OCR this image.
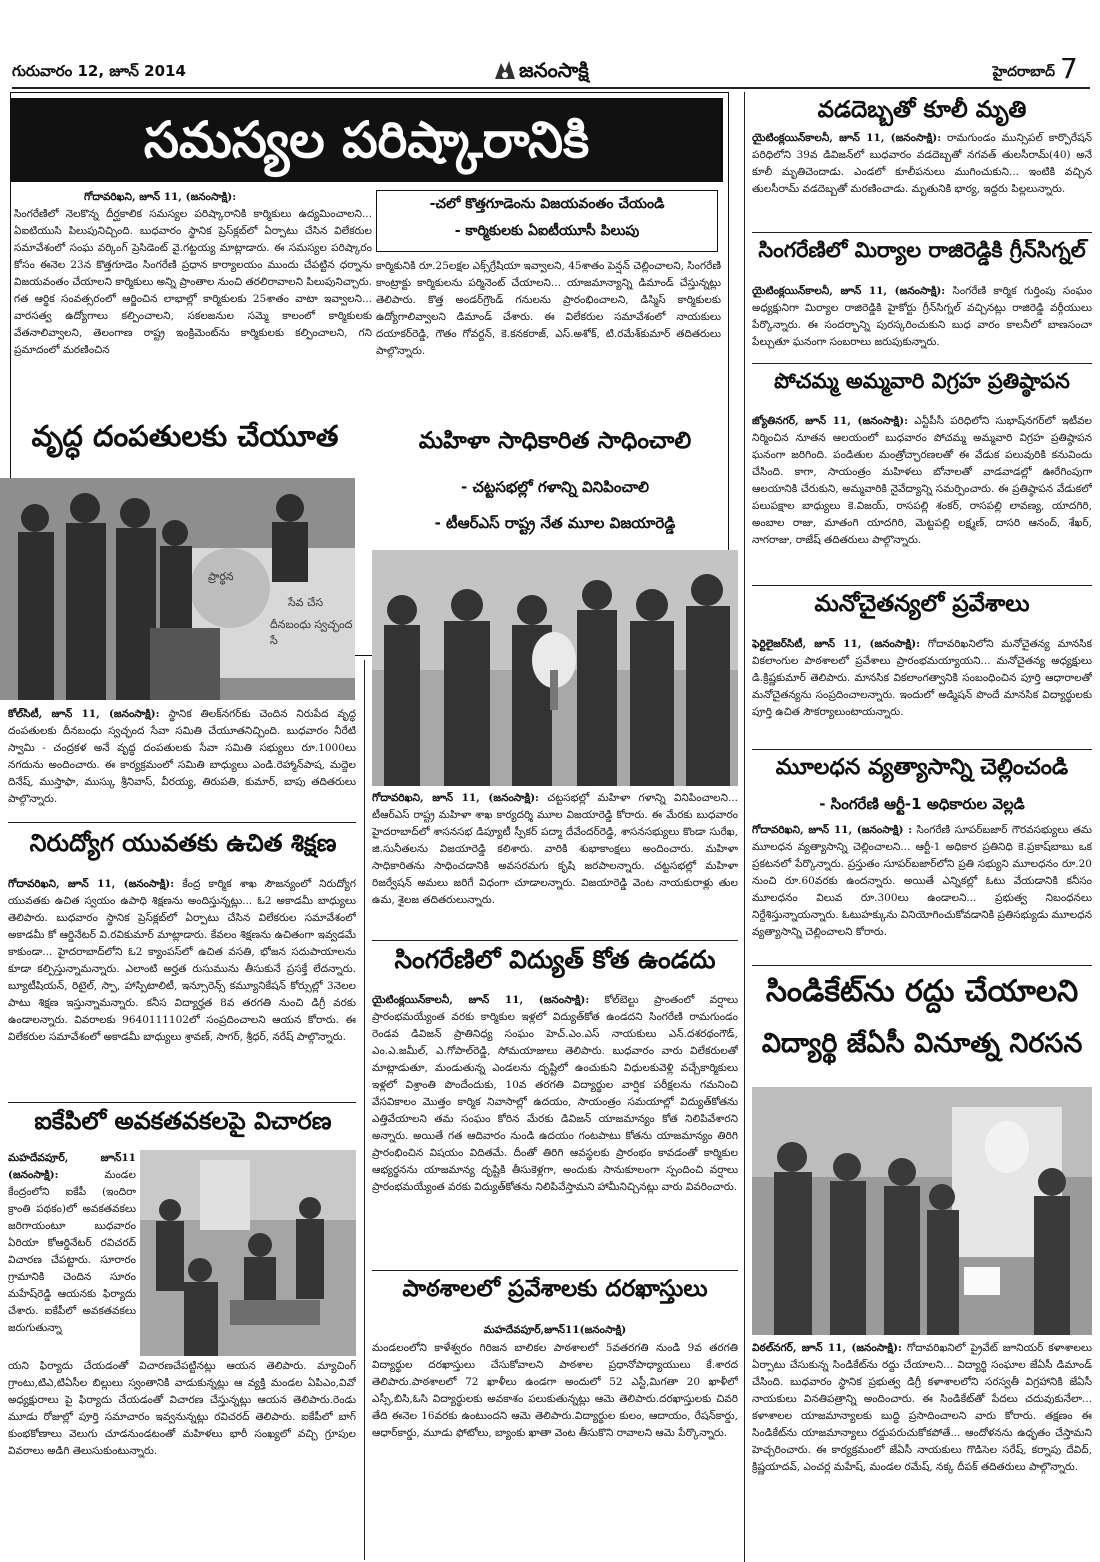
గురువారం 12, జూన్ 2014	జనంసాక్షి	హైదరాబాద్ 7
సమస్యల పరిష్కారానికి
గోదావరిఖని, జూన్ 11, (జనంసాక్షి):
సింగరేణిలో నెలకొన్న దీర్ఘకాలిక సమస్యల పరిష్కారానికి కార్మికులు ఉద్యమించాలని... ఏఐటియుసి పిలుపునిచ్చింది. బుధవారం స్థానిక ప్రెస్‌క్లబ్‌లో ఏర్పాటు చేసిన విలేకరుల సమావేశంలో సంఘ వర్కింగ్ ప్రెసిడెంట్ వై.గట్టయ్య మాట్లాడారు. ఈ సమస్యల పరిష్కారం కోసం ఈనెల 23న కొత్తగూడెం సింగరేణి ప్రధాన కార్యాలయం ముందు చేపట్టిన ధర్నాను విజయవంతం చేయాలని కార్మికులు అన్ని ప్రాంతాల నుంచి తరలిరావాలని పిలుపునిచ్చారు. గత ఆర్థిక సంవత్సరంలో ఆర్జించిన లాభాల్లో కార్మికులకు 25శాతం వాటా ఇవ్వాలని... వారసత్వ ఉద్యోగాలు కల్పించాలని, సకలజనుల సమ్మె కాలంలో కార్మికులకు వేతనాలివ్వాలని, తెలంగాణ రాష్ట్ర ఇంక్రిమెంట్‌ను కార్మికులకు కల్పించాలని, గని ప్రమాదంలో మరణించిన
-చలో కొత్తగూడెంను విజయవంతం చేయండి
- కార్మికులకు ఏఐటీయూసీ పిలుపు
కార్మికునికి రూ.25లక్షల ఎక్స్‌గ్రేషియా ఇవ్వాలని, 45శాతం పెన్షన్ చెల్లించాలని, సింగరేణి కాంట్రాక్టు కార్మికులను పర్మినెంట్ చేయాలని... యాజమాన్యాన్ని డిమాండ్ చేస్తున్నట్లు తెలిపారు. కొత్త అండర్‌గ్రౌండ్ గనులను ప్రారంభించాలని, డిస్మిస్ కార్మికులకు ఉద్యోగాలివ్వాలని డిమాండ్ చేశారు. ఈ విలేకరుల సమావేశంలో నాయకులు దయాకర్‌రెడ్డి, గౌతం గోవర్దన్, కె.కనకరాజ్, ఎస్.అశోక్, టి.రమేశ్‌కుమార్ తదితరులు పాల్గొన్నారు.
వడదెబ్బతో కూలీ మృతి
యైటింక్లయిన్‌కాలనీ, జూన్ 11, (జనంసాక్షి): రామగుండం మున్సిపల్ కార్పొరేషన్ పరిధిలోని 39వ డివిజన్‌లో బుధవారం వడదెబ్బతో నగవత్ తులసీరామ్(40) అనే కూలీ మృతిచెందాడు. ఎండలో కూలీపనులు ముగించుకుని... ఇంటికి వచ్చిన తులసీరామ్ వడదెబ్బతో మరణించాడు. మృతునికి భార్య, ఇద్దరు పిల్లలున్నారు.
సింగరేణిలో మిర్యాల రాజిరెడ్డికి గ్రీన్‌సిగ్నల్
యైటింక్లయిన్‌కాలనీ, జూన్ 11, (జనంసాక్షి): సింగరేణి కార్మిక గుర్తింపు సంఘం అధ్యక్షునిగా మిర్యాల రాజిరెడ్డికి హైకోర్టు గ్రీన్‌సిగ్నల్ వచ్చినట్లు రాజిరెడ్డి వర్గీయులు పేర్కొన్నారు. ఈ సందర్భాన్ని పురస్కరించుకుని బుధ వారం కాలనీలో బాణసంచా పేల్చుతూ ఘనంగా సంబరాలు జరుపుకున్నారు.
పోచమ్మ అమ్మవారి విగ్రహ ప్రతిష్ఠాపన
జ్యోతినగర్, జూన్ 11, (జనంసాక్షి): ఎన్టీపీసీ పరిధిలోని సుభాష్‌నగర్‌లో ఇటీవల నిర్మించిన నూతన ఆలయంలో బుధవారం పోచమ్మ అమ్మవారి విగ్రహ ప్రతిష్ఠాపన ఘనంగా జరిగింది. పండితుల మంత్రోచ్ఛారణలతో ఈ వేడుక పలువురికి కనువిందు చేసింది. కాగా, సాయంత్రం మహిళలు బోనాలతో వాడవాడల్లో ఊరేగింపుగా ఆలయానికి చేరుకుని, అమ్మవారికి నైవేద్యాన్ని సమర్పించారు. ఈ ప్రతిష్ఠాపన వేడుకలో పలుపక్షాల బాధ్యులు కె.విజయ్, రాసపల్లి శంకర్, రాసపల్లి లావణ్య, యాదగిరి, అంబాల రాజు, మాతంగి యాదగిరి, మెట్టపల్లి లక్ష్మణ్, దాసరి ఆనంద్, శేఖర్, నాగరాజు, రాజేష్ తదితరులు పాల్గొన్నారు.
మనోచైతన్యలో ప్రవేశాలు
ఫెర్టిలైజర్‌సిటీ, జూన్ 11, (జనంసాక్షి): గోదావరిఖనిలోని మనోచైతన్య మానసిక వికలాంగుల పాఠశాలలో ప్రవేశాలు ప్రారంభమయ్యాయని... మనోచైతన్య అధ్యక్షులు డి.క్రిష్ణకుమార్ తెలిపారు. మానసిక వికలాంగత్వానికి సంబంధించిన పూర్తి ఆధారాలతో మనోచైతన్యను సంప్రదించాలన్నారు. ఇందులో అడ్మిషన్ పొందే మానసిక విద్యార్థులకు పూర్తి ఉచిత సౌకర్యాలుంటాయన్నారు.
మూలధన వ్యత్యాసాన్ని చెల్లించండి
- సింగరేణి ఆర్టీ-1 అధికారుల వెల్లడి
గోదావరిఖని, జూన్ 11, (జనంసాక్షి) : సింగరేణి సూపర్‌బజార్ గౌరవసభ్యులు తమ మూలధన వ్యత్యాసాన్ని చెల్లించాలని... ఆర్టీ-1 అధికార ప్రతినిధి కె.ప్రకాష్‌బాబు ఒక ప్రకటనలో పేర్కొన్నారు. ప్రస్తుతం సూపర్‌బజార్‌లోని ప్రతి సభ్యుని మూలధనం రూ.20 నుంచి రూ.60వరకు ఉందన్నారు. అయితే ఎన్నికల్లో ఓటు వేయడానికి కనీసం మూలధనం విలువ రూ.300లు ఉండాలని... ప్రభుత్వ నిబంధనలు నిర్దేశిస్తున్నాయన్నారు. ఓటుహక్కును వినియోగించుకోవడానికి ప్రతిసభ్యుడు మూలధన వ్యత్యాసాన్ని చెల్లించాలని కోరారు.
సిండికేట్‌ను రద్దు చేయాలని
విద్యార్థి జేఏసీ వినూత్న నిరసన
విఠల్‌నగర్, జూన్ 11, (జనంసాక్షి): గోదావరిఖనిలో ప్రైవేట్ జూనియర్ కళాశాలలు ఏర్పాటు చేసుకున్న సిండికేట్‌ను రద్దు చేయాలని... విద్యార్థి సంఘాల జేఏసీ డిమాండ్ చేసింది. బుధవారం స్థానిక ప్రభుత్వ డిగ్రీ కళాశాలలోని సరస్వతీ విగ్రహానికి జేఏసీ నాయకులు వినతిపత్రాన్ని అందించారు. ఈ సిండికేట్‌తో పేదలు చదువుకునేలా... కళాశాలల యాజమాన్యాలకు బుద్ధి ప్రసాదించాలని వారు కోరారు. తక్షణం ఈ సిండికేట్‌ను యాజమాన్యాలు రద్దుపరుచుకోకపోతే... ఆందోళనను ఉధృతం చేస్తామని హెచ్చరించారు. ఈ కార్యక్రమంలో జేఏసీ నాయకులు గొడిసెల సరేష్, కర్నాపు దేవిద్, క్రిష్ణయాదవ్, ఎంచర్ల మహేష్, మండల రమేష్, నక్క దీపక్ తదితరులు పాల్గొన్నారు.
వృద్ధ దంపతులకు చేయూత
ప్రార్థన
సేవ చేస
దీనబంధు స్వచ్ఛంద సే
కోల్‌సిటీ, జూన్ 11, (జనంసాక్షి): స్థానిక తిలక్‌నగర్‌కు చెందిన నిరుపేద వృద్ధ దంపతులకు దీనబంధు స్వచ్ఛంద సేవా సమితి చేయూతనిచ్చింది. బుధవారం నీరేటి స్వామి - చంద్రకళ అనే వృద్ధ దంపతులకు సేవా సమితి సభ్యులు రూ.1000లు నగదును అందించారు. ఈ కార్యక్రమంలో సమితి బాధ్యులు ఎండి.రెహ్మాన్‌పాష, మద్దెల దినేష్, ముస్తాఫా, ముస్కు శ్రీనివాస్, వీరయ్య, తిరుపతి, కుమార్, బాపు తదితరులు పాల్గొన్నారు.
నిరుద్యోగ యువతకు ఉచిత శిక్షణ
గోదావరిఖని, జూన్ 11, (జనంసాక్షి): కేంద్ర కార్మిక శాఖ సౌజన్యంలో నిరుద్యోగ యువతకు ఉచిత స్వయం ఉపాధి శిక్షణను అందిస్తున్నట్లు... ఓ2 అకాడమీ బాధ్యులు తెలిపారు. బుధవారం స్థానిక ప్రెస్‌క్లబ్‌లో ఏర్పాటు చేసిన విలేకరుల సమావేశంలో అకాడమీ కో ఆర్డినేటర్ వి.రవికుమార్ మాట్లాడారు. కేవలం శిక్షణను ఉచితంగా ఇవ్వడమే కాకుండా... హైదరాబాద్‌లోని ఓ2 క్యాంపస్‌లో ఉచిత వసతి, భోజన సదుపాయాలను కూడా కల్పిస్తున్నామన్నారు. ఎలాంటి అర్హత రుసుమును తీసుకునే ప్రసక్తే లేదన్నారు. బ్యూటీషియన్, రిటైల్, స్పా, హాస్పిటాలిటీ, ఇన్సూరెన్స్ కమ్యూనికేషన్ కోర్సుల్లో 3నెలల పాటు శిక్షణ ఇస్తున్నామన్నారు. కనీస విద్యార్హత 8వ తరగతి నుంచి డిగ్రీ వరకు ఉండాలన్నారు. వివరాలకు 9640111102లో సంప్రదించాలని ఆయన కోరారు. ఈ విలేకరుల సమావేశంలో అకాడమీ బాధ్యులు శ్రావణ్, సాగర్, శ్రీధర్, నరేష్ పాల్గొన్నారు.
ఐకేపిలో అవకతవకలపై విచారణ
మహదేవపూర్, జూన్11 (జనంసాక్షి):	మండల కేంద్రంలోని ఐకేపీ (ఇందిరా క్రాంతి పథకం)లో అవకతవకలు జరిగాయంటూ బుధవారం ఏరియా కోఆర్డినేటర్ రవిచరద్ విచారణ చేపట్టారు. సూరారం గ్రామానికి చెందిన సూరం మహేష్‌రెడ్డి ఆయనకు ఫిర్యాదు చేశారు. ఐకేపీలో అవకతవకలు జరుగుతున్నా
యని ఫిర్యాదు చేయడంతో విచారణచేపట్టినట్లు ఆయన తెలిపారు. మ్యాచింగ్ గ్రాంటు,టిఎ,టిఏసీల బిల్లులు స్వంతానికి వాడుకున్నట్లు ఆ వ్యక్తి మండల ఏపిఎం,వివో అధ్యక్షురాలు పై ఫిర్యాదు చేయడంతో విచారణ చేస్తున్నట్లు ఆయన తెలిపారు.రెండు మూడు రోజుల్లో పూర్తి సమాచారం ఇవ్వనున్నట్లు రవిచరద్ తెలిపారు. ఐకేపీలో బాగ్ కుంభకోణాలు వెలుగు చూడనుండటంతో మహిళలు భారీ సంఖ్యలో వచ్చి గ్రూపుల వివరాలు అడిగి తెలుసుకుంటున్నారు.
మహిళా సాధికారిత సాధించాలి
- చట్టసభల్లో గళాన్ని వినిపించాలి
- టీఆర్ఎస్ రాష్ట్ర నేత మూల విజయారెడ్డి
గోదావరిఖని, జూన్ 11, (జనంసాక్షి): చట్టసభల్లో మహిళా గళాన్ని వినిపించాలని... టీఆర్ఎస్ రాష్ట్ర మహిళా శాఖ కార్యదర్శి మూల విజయారెడ్డి కోరారు. ఈ మేరకు బుధవారం హైదరాబాద్‌లో శాసనసభ డిప్యూటీ స్పీకర్ పద్మా దేవేందర్‌రెడ్డి, శాసనసభ్యులు కొండా సురేఖ, జి.సునీతలను విజయారెడ్డి కలిశారు. వారికి శుభాకాంక్షలు అందించారు. మహిళా సాధికారితను సాధించడానికి అవసరమగు కృషి జరపాలన్నారు. చట్టసభల్లో మహిళా రిజర్వేషన్ అమలు జరిగే విధంగా చూడాలన్నారు. విజయారెడ్డి వెంట నాయకురాళ్లు తుల ఉమ, శైలజ తదితరులున్నారు.
సింగరేణిలో విద్యుత్ కోత ఉండదు
యైటింక్లయిన్‌కాలనీ, జూన్ 11, (జనంసాక్షి): కోల్‌బెల్టు ప్రాంతంలో వర్షాలు ప్రారంభమయ్యేంత వరకు కార్మికుల ఇళ్లలో విద్యుత్‌కోత ఉండదని సింగరేణి రామగుండం రెండవ డివిజన్ ప్రాతినిధ్య సంఘం హెచ్.ఎం.ఎస్ నాయకులు ఎన్.దశరథంగౌడ్, ఎం.ఎ.జమీల్, ఎ.గోపాల్‌రెడ్డి, సోమయాజులు తెలిపారు. బుధవారం వారు విలేకరులతో మాట్లాడుతూ, మండుతున్న ఎండలను దృష్టిలో ఉంచుకుని విధులకువెళ్లి వచ్చేకార్మికులు ఇళ్లలో విశ్రాంతి పొందేందుకు, 10వ తరగతి విద్యార్థుల వార్షిక పరీక్షలను గమనించి వేసవికాలం మొత్తం కార్మిక నివాసాల్లో ఉదయం, సాయంత్రం సమయాల్లో విద్యుత్‌కోతను ఎత్తివేయాలని తమ సంఘం కోరిన మేరకు డివిజన్ యాజమాన్యం కోత నిలిపివేశారని అన్నారు. అయితే గత ఆదివారం నుండి ఉదయం గంటపాటు కోతను యాజమాన్యం తిరిగి ప్రారంభించిన విషయం విదితమే. దీంతో తిరిగి ఆవస్థలకు ప్రారంభం కావడంతో కార్మికుల ఆభ్యర్థనను యాజమాన్య దృష్టికి తీసుకెళ్లగా, అందుకు సానుకూలంగా స్పందించి వర్షాలు ప్రారంభమయ్యేంత వరకు విద్యుత్‌కోతను నిలిపివేస్తామని హామీనిచ్చినట్లు వారు వివరించారు.
పాఠశాలలో ప్రవేశాలకు దరఖాస్తులు
మహదేవపూర్,జూన్11(జనంసాక్షి)
మండలంలోని కాళేశ్వరం గిరిజన బాలికల పాఠశాలలో 5వతరగతి నుండి 9వ తరగతి విద్యార్థుల దరఖాస్తులు చేసుకోవాలని పాఠశాల ప్రధానోపాధ్యాయులు కే.శారద తెలిపారు.పాఠశాలలో 72 ఖాళీలు ఉండగా అందులో 52 ఎస్టీ,మిగతా 20 ఖాళీలో ఎస్సీ,బిసి,ఓసి విద్యార్థులకు అవకాశం పలుకుతున్నట్లు ఆమె తెలిపారు.దరఖాస్తులకు చివరి తేది ఈనెల 16వరకు ఉంటుందని ఆమె తెలిపారు.విద్యార్థుల కులం, ఆదాయం, రేషన్‌కార్డు, ఆధార్‌కార్డు, మూడు ఫోటోలు, బ్యాంకు ఖాతా వెంట తీసుకొని రావాలని ఆమె పేర్కొన్నారు.
